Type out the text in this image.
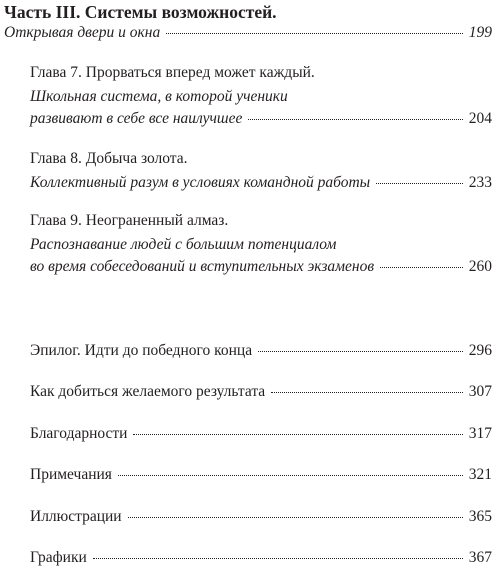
Часть III. Системы возможностей.
Открывая двери и окна	199
Глава 7. Прорваться вперед может каждый.
Школьная система, в которой ученики
развивают в себе все наилучшее	204
Глава 8. Добыча золота.
Коллективный разум в условиях командной работы	233
Глава 9. Неограненный алмаз.
Распознавание людей с большим потенциалом
во время собеседований и вступительных экзаменов	260
Эпилог. Идти до победного конца	296
Как добиться желаемого результата	307
Благодарности	317
Примечания	321
Иллюстрации	365
Графики	367
